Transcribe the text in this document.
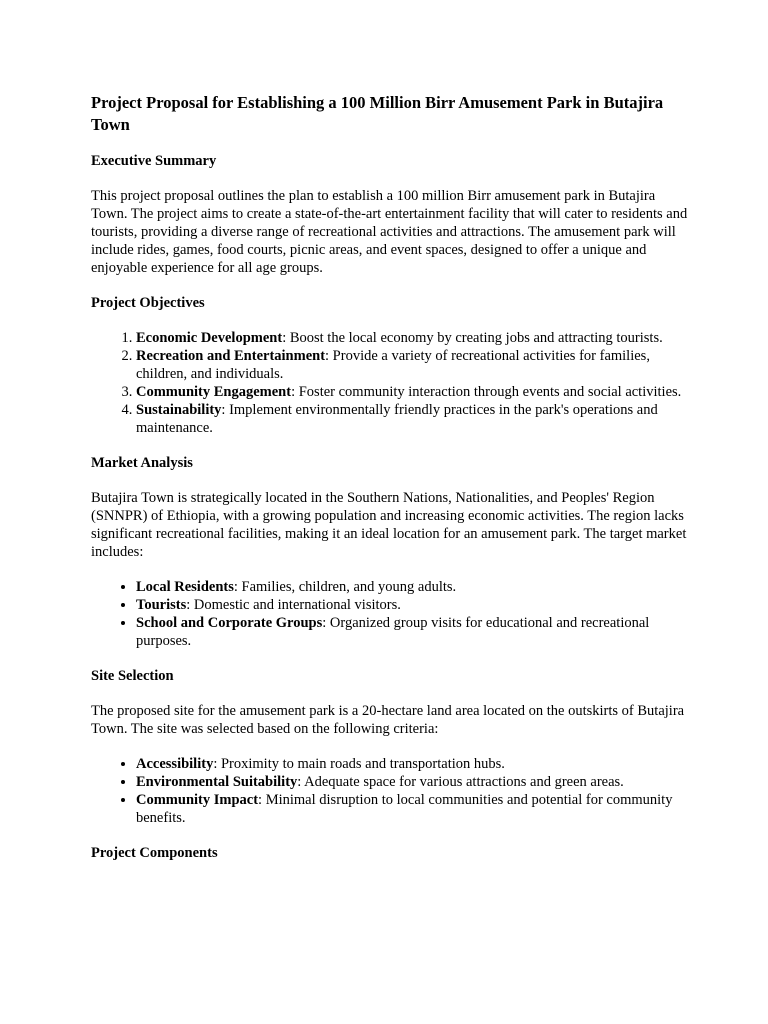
Project Proposal for Establishing a 100 Million Birr Amusement Park in Butajira Town
Executive Summary

This project proposal outlines the plan to establish a 100 million Birr amusement park in Butajira Town. The project aims to create a state-of-the-art entertainment facility that will cater to residents and tourists, providing a diverse range of recreational activities and attractions. The amusement park will include rides, games, food courts, picnic areas, and event spaces, designed to offer a unique and enjoyable experience for all age groups.

Project Objectives
1. Economic Development: Boost the local economy by creating jobs and attracting tourists.
2. Recreation and Entertainment: Provide a variety of recreational activities for families, children, and individuals.
3. Community Engagement: Foster community interaction through events and social activities.
4. Sustainability: Implement environmentally friendly practices in the park's operations and maintenance.
Market Analysis

Butajira Town is strategically located in the Southern Nations, Nationalities, and Peoples' Region (SNNPR) of Ethiopia, with a growing population and increasing economic activities. The region lacks significant recreational facilities, making it an ideal location for an amusement park. The target market includes:

• Local Residents: Families, children, and young adults.
• Tourists: Domestic and international visitors.
• School and Corporate Groups: Organized group visits for educational and recreational purposes.
Site Selection

The proposed site for the amusement park is a 20-hectare land area located on the outskirts of Butajira Town. The site was selected based on the following criteria:

• Accessibility: Proximity to main roads and transportation hubs.
• Environmental Suitability: Adequate space for various attractions and green areas.
• Community Impact: Minimal disruption to local communities and potential for community benefits.
Project Components
